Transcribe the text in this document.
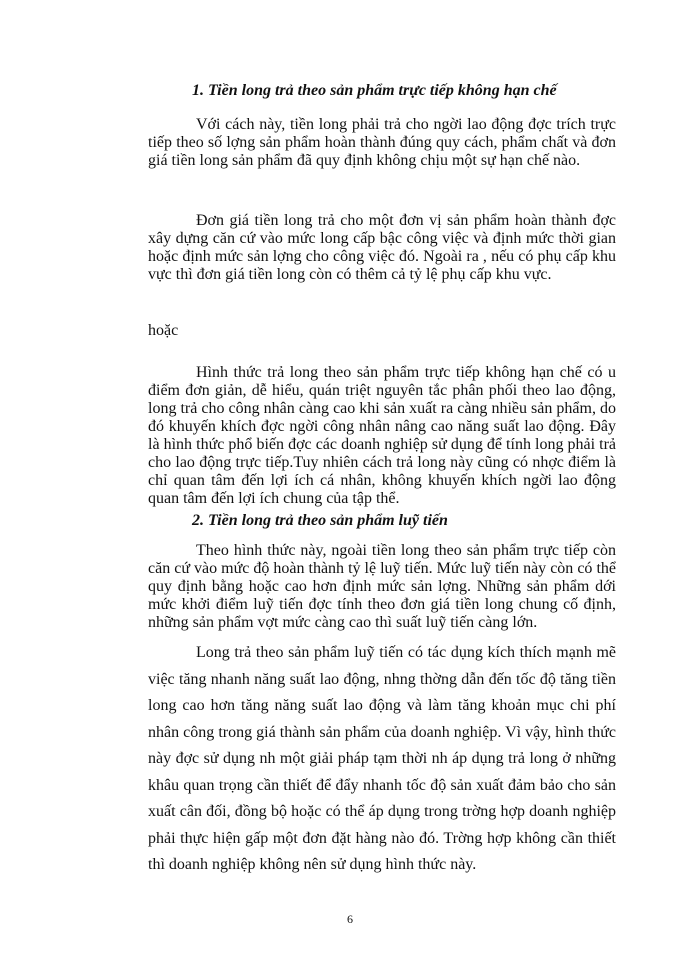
1. Tiền long trả theo sản phẩm trực tiếp không hạn chế

Với cách này, tiền long phải trả cho ngời lao động đợc trích trực tiếp theo số lợng sản phẩm hoàn thành đúng quy cách, phẩm chất và đơn giá tiền long sản phẩm đã quy định không chịu một sự hạn chế nào.

Đơn giá tiền long trả cho một đơn vị sản phẩm hoàn thành đợc xây dựng căn cứ vào mức long cấp bậc công việc và định mức thời gian hoặc định mức sản lợng cho công việc đó. Ngoài ra , nếu có phụ cấp khu vực thì đơn giá tiền long còn có thêm cả tỷ lệ phụ cấp khu vực.

hoặc

Hình thức trả long theo sản phẩm trực tiếp không hạn chế có u điểm đơn giản, dễ hiểu, quán triệt nguyên tắc phân phối theo lao động, long trả cho công nhân càng cao khi sản xuất ra càng nhiều sản phẩm, do đó khuyến khích đợc ngời công nhân nâng cao năng suất lao động. Đây là hình thức phổ biến đợc các doanh nghiệp sử dụng để tính long phải trả cho lao động trực tiếp.Tuy nhiên cách trả long này cũng có nhợc điểm là chỉ quan tâm đến lợi ích cá nhân, không khuyến khích ngời lao động quan tâm đến lợi ích chung của tập thể.

2. Tiền long trả theo sản phẩm luỹ tiến

Theo hình thức này, ngoài tiền long theo sản phẩm trực tiếp còn căn cứ vào mức độ hoàn thành tỷ lệ luỹ tiến. Mức luỹ tiến này còn có thể quy định bằng hoặc cao hơn định mức sản lợng. Những sản phẩm dới mức khởi điểm luỹ tiến đợc tính theo đơn giá tiền long chung cố định, những sản phẩm vợt mức càng cao thì suất luỹ tiến càng lớn.

Long trả theo sản phẩm luỹ tiến có tác dụng kích thích mạnh mẽ việc tăng nhanh năng suất lao động, nhng thờng dẫn đến tốc độ tăng tiền long cao hơn tăng năng suất lao động và làm tăng khoản mục chi phí nhân công trong giá thành sản phẩm của doanh nghiệp. Vì vậy, hình thức này đợc sử dụng nh một giải pháp tạm thời nh áp dụng trả long ở những khâu quan trọng cần thiết để đẩy nhanh tốc độ sản xuất đảm bảo cho sản xuất cân đối, đồng bộ hoặc có thể áp dụng trong trờng hợp doanh nghiệp phải thực hiện gấp một đơn đặt hàng nào đó. Trờng hợp không cần thiết thì doanh nghiệp không nên sử dụng hình thức này.

6
